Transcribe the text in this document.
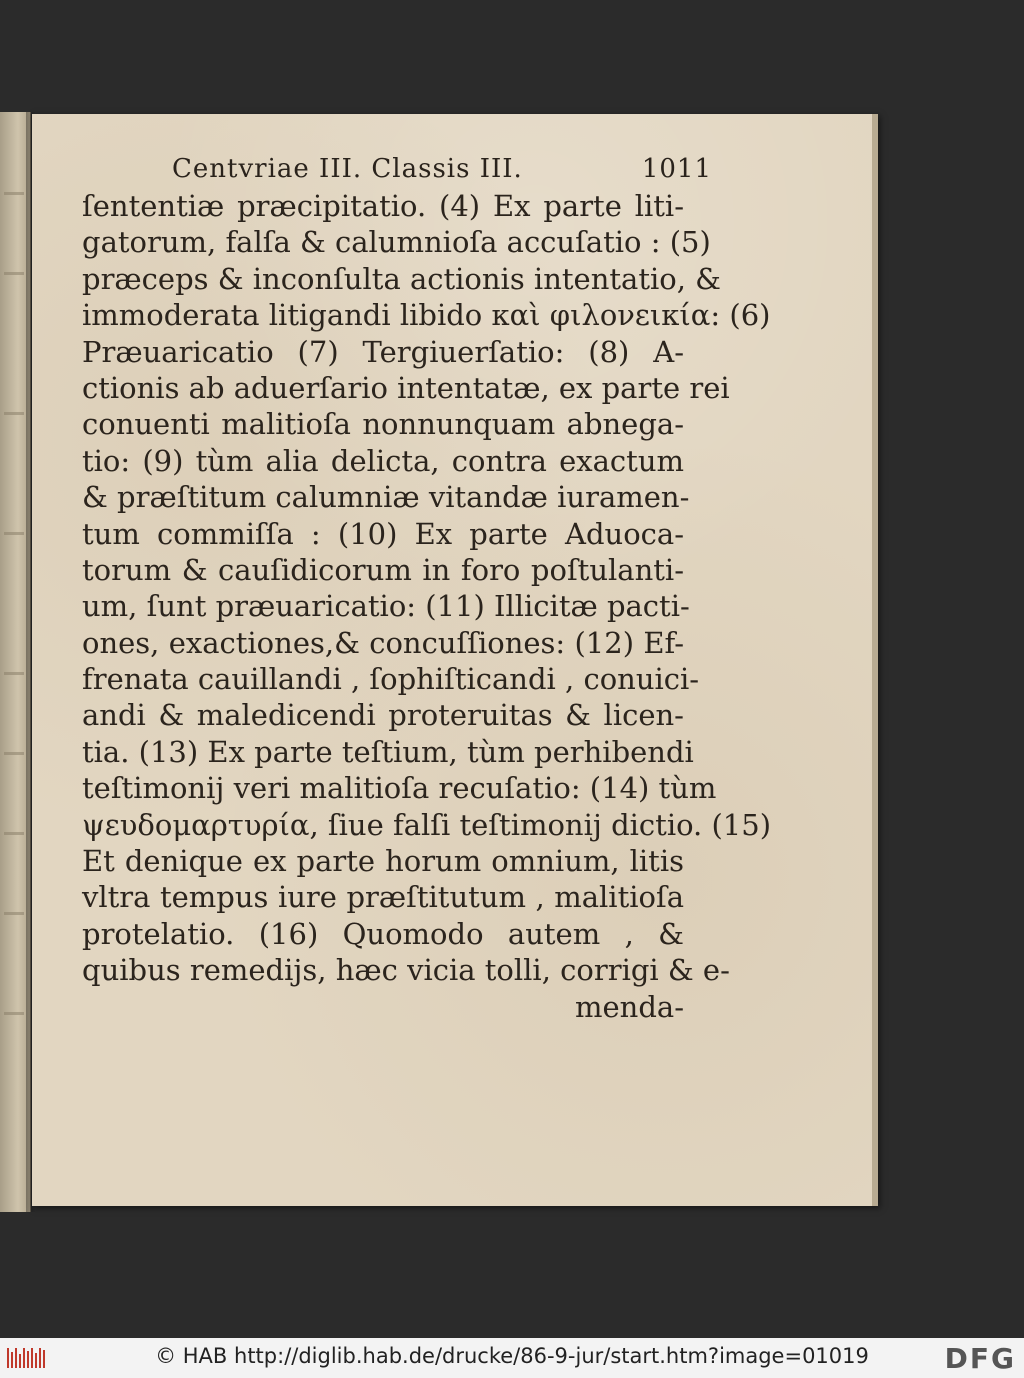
Centvriae III. Classis III.	1011
ſententiæ præcipitatio. (4) Ex parte liti-
gatorum, falſa & calumnioſa accuſatio : (5)
præceps & inconſulta actionis intentatio, &
immoderata litigandi libido καὶ φιλονεικία: (6)
Præuaricatio (7) Tergiuerſatio: (8) A-
ctionis ab aduerſario intentatæ, ex parte rei
conuenti malitioſa nonnunquam abnega-
tio: (9) tùm alia delicta, contra exactum
& præſtitum calumniæ vitandæ iuramen-
tum commiſſa : (10) Ex parte Aduoca-
torum & cauſidicorum in foro poſtulanti-
um, ſunt præuaricatio: (11) Illicitæ pacti-
ones, exactiones,& concuſſiones: (12) Ef-
frenata cauillandi , ſophiſticandi , conuici-
andi & maledicendi proteruitas & licen-
tia. (13) Ex parte teſtium, tùm perhibendi
teſtimonij veri malitioſa recuſatio: (14) tùm
ψευδομαρτυρία, ſiue falſi teſtimonij dictio. (15)
Et denique ex parte horum omnium, litis
vltra tempus iure præſtitutum , malitioſa
protelatio. (16) Quomodo autem , &
quibus remedijs, hæc vicia tolli, corrigi & e-
menda-
© HAB http://diglib.hab.de/drucke/86-9-jur/start.htm?image=01019	DFG
